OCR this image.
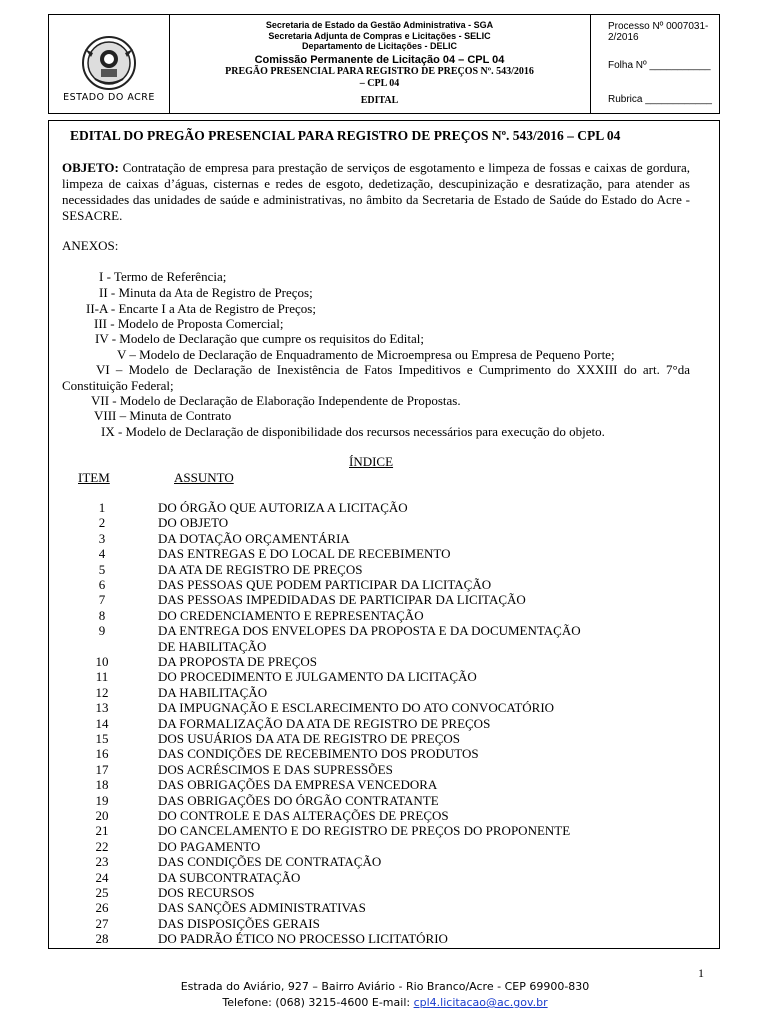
ESTADO DO ACRE
Secretaria de Estado da Gestão Administrativa - SGA
Secretaria Adjunta de Compras e Licitações - SELIC
Departamento de Licitações - DELIC
Comissão Permanente de Licitação 04 – CPL 04
PREGÃO PRESENCIAL PARA REGISTRO DE PREÇOS Nº. 543/2016
– CPL 04
EDITAL
Processo Nº 0007031-2/2016
Folha Nº ___________
Rubrica ____________
EDITAL DO PREGÃO PRESENCIAL PARA REGISTRO DE PREÇOS Nº. 543/2016 – CPL 04
OBJETO: Contratação de empresa para prestação de serviços de esgotamento e limpeza de fossas e caixas de gordura, limpeza de caixas d’águas, cisternas e redes de esgoto, dedetização, descupinização e desratização, para atender as necessidades das unidades de saúde e administrativas, no âmbito da Secretaria de Estado de Saúde do Estado do Acre - SESACRE.
ANEXOS:
I - Termo de Referência;
II - Minuta da Ata de Registro de Preços;
II-A - Encarte I a Ata de Registro de Preços;
III - Modelo de Proposta Comercial;
IV - Modelo de Declaração que cumpre os requisitos do Edital;
V – Modelo de Declaração de Enquadramento de Microempresa ou Empresa de Pequeno Porte;
VI – Modelo de Declaração de Inexistência de Fatos Impeditivos e Cumprimento do XXXIII do art. 7°da Constituição Federal;
VII - Modelo de Declaração de Elaboração Independente de Propostas.
VIII – Minuta de Contrato
IX - Modelo de Declaração de disponibilidade dos recursos necessários para execução do objeto.
ÍNDICE
ITEM	ASSUNTO
1	DO ÓRGÃO QUE AUTORIZA A LICITAÇÃO
2	DO OBJETO
3	DA DOTAÇÃO ORÇAMENTÁRIA
4	DAS ENTREGAS E DO LOCAL DE RECEBIMENTO
5	DA ATA DE REGISTRO DE PREÇOS
6	DAS PESSOAS QUE PODEM PARTICIPAR DA LICITAÇÃO
7	DAS PESSOAS IMPEDIDADAS DE PARTICIPAR DA LICITAÇÃO
8	DO CREDENCIAMENTO E REPRESENTAÇÃO
9	DA ENTREGA DOS ENVELOPES DA PROPOSTA E DA DOCUMENTAÇÃO
DE HABILITAÇÃO
10	DA PROPOSTA DE PREÇOS
11	DO PROCEDIMENTO E JULGAMENTO DA LICITAÇÃO
12	DA HABILITAÇÃO
13	DA IMPUGNAÇÃO E ESCLARECIMENTO DO ATO CONVOCATÓRIO
14	DA FORMALIZAÇÃO DA ATA DE REGISTRO DE PREÇOS
15	DOS USUÁRIOS DA ATA DE REGISTRO DE PREÇOS
16	DAS CONDIÇÕES DE RECEBIMENTO DOS PRODUTOS
17	DOS ACRÉSCIMOS E DAS SUPRESSÕES
18	DAS OBRIGAÇÕES DA EMPRESA VENCEDORA
19	DAS OBRIGAÇÕES DO ÓRGÃO CONTRATANTE
20	DO CONTROLE E DAS ALTERAÇÕES DE PREÇOS
21	DO CANCELAMENTO E DO REGISTRO DE PREÇOS DO PROPONENTE
22	DO PAGAMENTO
23	DAS CONDIÇÕES DE CONTRATAÇÃO
24	DA SUBCONTRATAÇÃO
25	DOS RECURSOS
26	DAS SANÇÕES ADMINISTRATIVAS
27	DAS DISPOSIÇÕES GERAIS
28	DO PADRÃO ÉTICO NO PROCESSO LICITATÓRIO
1
Estrada do Aviário, 927 – Bairro Aviário - Rio Branco/Acre - CEP 69900-830
Telefone: (068) 3215-4600 E-mail: cpl4.licitacao@ac.gov.br
